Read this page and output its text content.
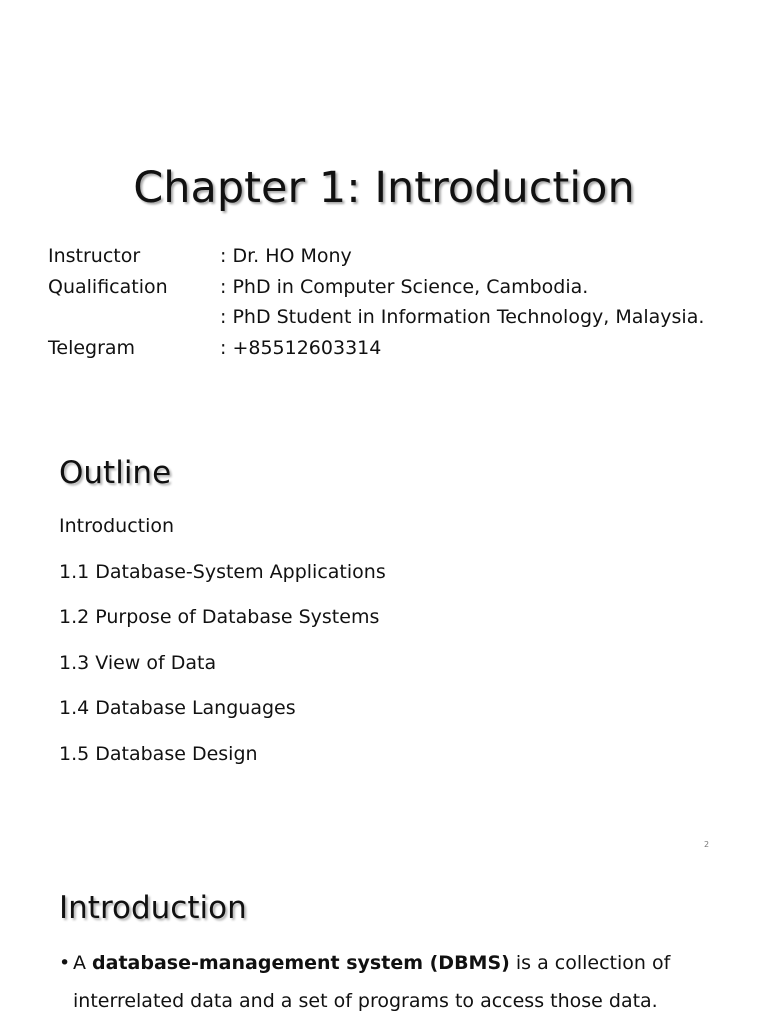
Chapter 1: Introduction
Instructor	: Dr. HO Mony
Qualification	: PhD in Computer Science, Cambodia.
: PhD Student in Information Technology, Malaysia.
Telegram	: +85512603314
Outline
Introduction
1.1 Database-System Applications
1.2 Purpose of Database Systems
1.3 View of Data
1.4 Database Languages
1.5 Database Design
2
Introduction
• A database-management system (DBMS) is a collection of
interrelated data and a set of programs to access those data.
